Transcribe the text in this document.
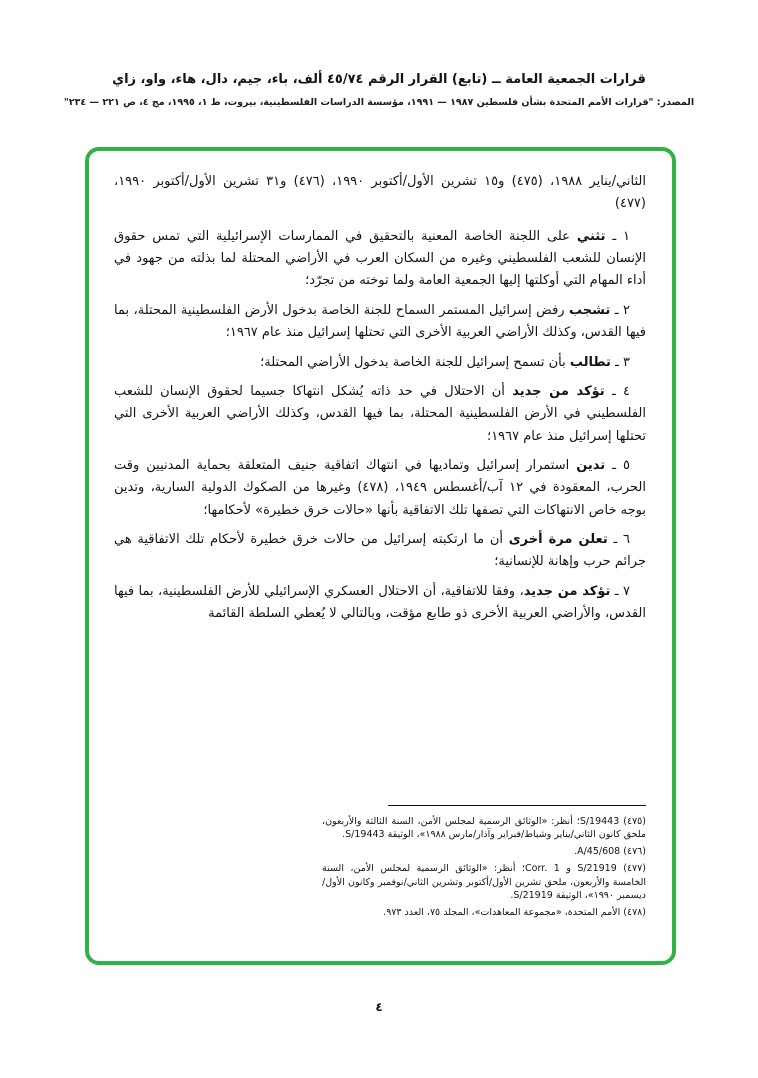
قرارات الجمعية العامة ــ (تابع) القرار الرقم ٤٥/٧٤ ألف، باء، جيم، دال، هاء، واو، زاي
المصدر: "قرارات الأمم المتحدة بشأن فلسطين ١٩٨٧ — ١٩٩١، مؤسسة الدراسات الفلسطينية، بيروت، ط ١، ١٩٩٥، مج ٤، ص ٢٢١ — ٢٣٤"

الثاني/يناير ١٩٨٨، (٤٧٥) و١٥ تشرين الأول/أكتوبر ١٩٩٠، (٤٧٦) و٣١ تشرين الأول/أكتوبر ١٩٩٠، (٤٧٧)

١ ـ تثني على اللجنة الخاصة المعنية بالتحقيق في الممارسات الإسرائيلية التي تمس حقوق الإنسان للشعب الفلسطيني وغيره من السكان العرب في الأراضي المحتلة لما بذلته من جهود في أداء المهام التي أوكلتها إليها الجمعية العامة ولما توخته من تجرّد؛

٢ ـ تشجب رفض إسرائيل المستمر السماح للجنة الخاصة بدخول الأرض الفلسطينية المحتلة، بما فيها القدس، وكذلك الأراضي العربية الأخرى التي تحتلها إسرائيل منذ عام ١٩٦٧؛

٣ ـ تطالب بأن تسمح إسرائيل للجنة الخاصة بدخول الأراضي المحتلة؛

٤ ـ تؤكد من جديد أن الاحتلال في حد ذاته يُشكل انتهاكا جسيما لحقوق الإنسان للشعب الفلسطيني في الأرض الفلسطينية المحتلة، بما فيها القدس، وكذلك الأراضي العربية الأخرى التي تحتلها إسرائيل منذ عام ١٩٦٧؛

٥ ـ تدين استمرار إسرائيل وتماديها في انتهاك اتفاقية جنيف المتعلقة بحماية المدنيين وقت الحرب، المعقودة في ١٢ آب/أغسطس ١٩٤٩، (٤٧٨) وغيرها من الصكوك الدولية السارية، وتدين بوجه خاص الانتهاكات التي تصفها تلك الاتفاقية بأنها «حالات خرق خطيرة» لأحكامها؛

٦ ـ تعلن مرة أخرى أن ما ارتكبته إسرائيل من حالات خرق خطيرة لأحكام تلك الاتفاقية هي جرائم حرب وإهانة للإنسانية؛

٧ ـ تؤكد من جديد، وفقا للاتفاقية، أن الاحتلال العسكري الإسرائيلي للأرض الفلسطينية، بما فيها القدس، والأراضي العربية الأخرى ذو طابع مؤقت، وبالتالي لا يُعطي السلطة القائمة

(٤٧٥) S/19443؛ أنظر: «الوثائق الرسمية لمجلس الأمن، السنة الثالثة والأربعون، ملحق كانون الثاني/يناير وشباط/فبراير وآذار/مارس ١٩٨٨»، الوثيقة S/19443.

(٤٧٦) A/45/608.

(٤٧٧) S/21919 و Corr. 1؛ أنظر: «الوثائق الرسمية لمجلس الأمن، السنة الخامسة والأربعون، ملحق تشرين الأول/أكتوبر وتشرين الثاني/نوفمبر وكانون الأول/ديسمبر ١٩٩٠»، الوثيقة S/21919.

(٤٧٨) الأمم المتحدة، «مجموعة المعاهدات»، المجلد ٧٥، العدد ٩٧٣.

٤
